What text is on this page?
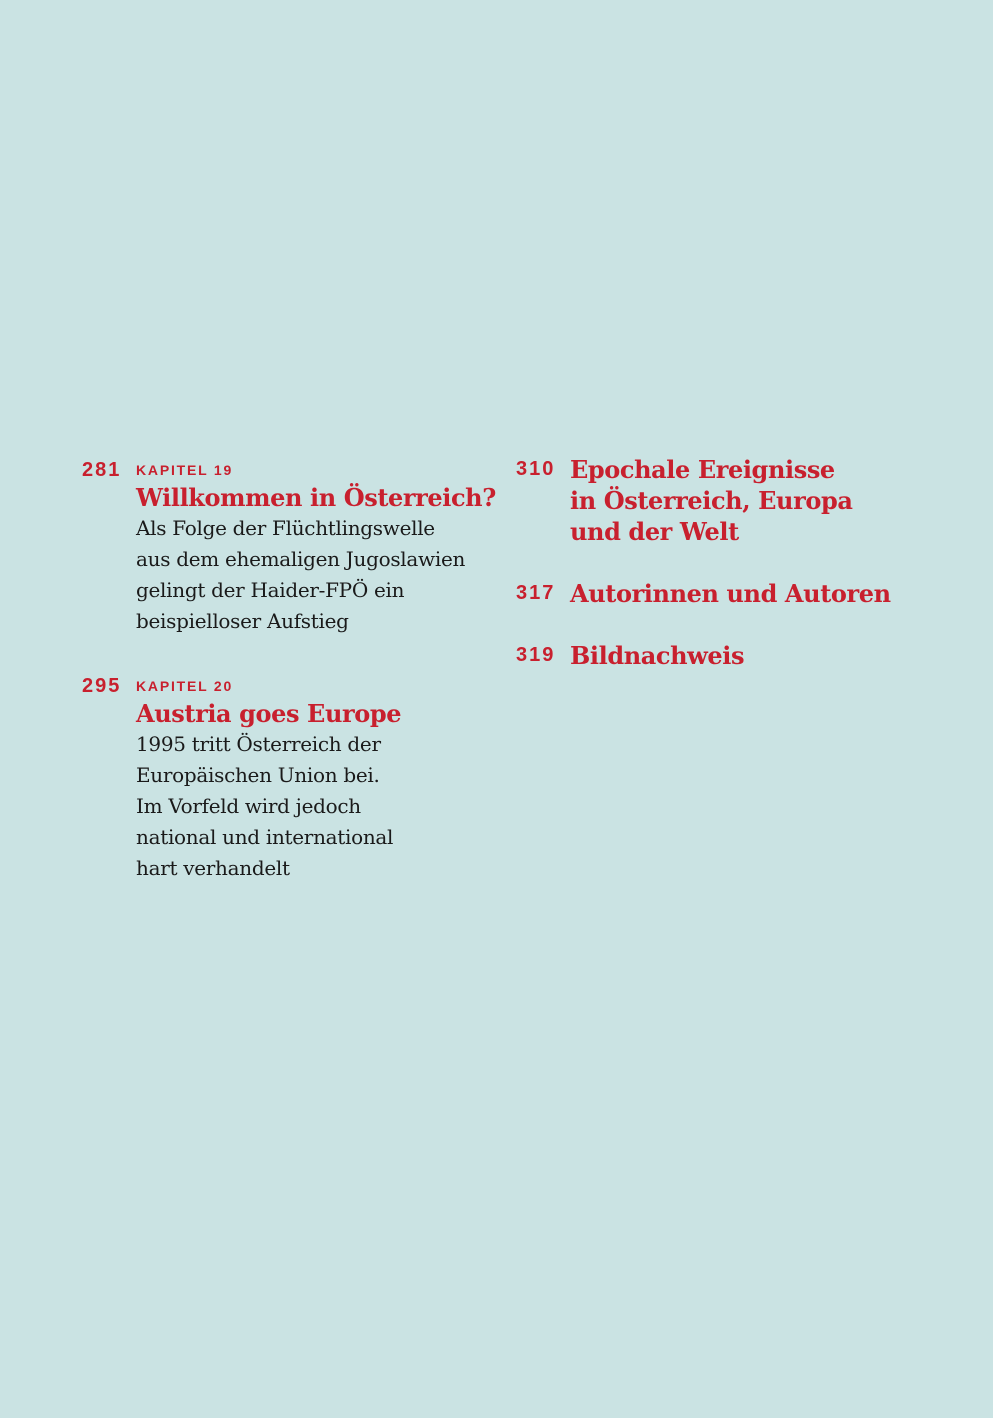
281	KAPITEL 19
Willkommen in Österreich?
Als Folge der Flüchtlingswelle
aus dem ehemaligen Jugoslawien
gelingt der Haider-FPÖ ein
beispielloser Aufstieg
295	KAPITEL 20
Austria goes Europe
1995 tritt Österreich der
Europäischen Union bei.
Im Vorfeld wird jedoch
national und international
hart verhandelt
310 Epochale Ereignisse
in Österreich, Europa
und der Welt
317 Autorinnen und Autoren
319 Bildnachweis
